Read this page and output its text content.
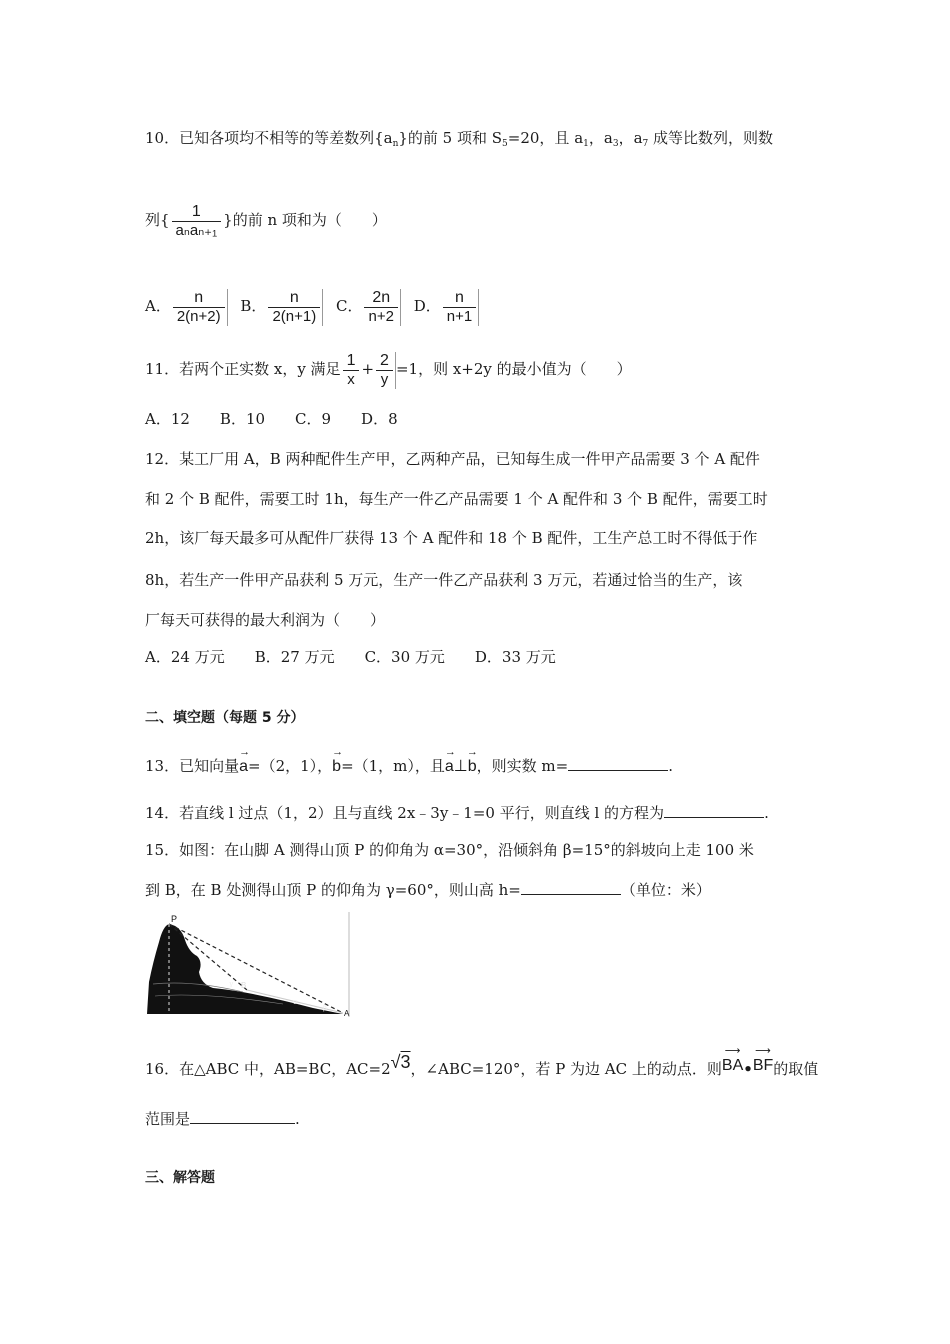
10．已知各项均不相等的等差数列$\{a_n\}$的前 5 项和 $S_5=20$，且 $a_1$，$a_3$，$a_7$ 成等比数列，则数
列{ $\frac{1}{\text{aₙaₙ₊₁}}$ }的前 n 项和为（　　）
A． $\frac{n}{2(n+2)}$ B． $\frac{n}{2(n+1)}$ C． $\frac{2n}{n+2}$ D． $\frac{n}{n+1}$
11．若两个正实数 x，y 满足 $\frac{1}{x} + \frac{2}{y} =1$，则 x+2y 的最小值为（　　）
A．12　　B．10　　C．9　　D．8
12．某工厂用 A，B 两种配件生产甲，乙两种产品，已知每生成一件甲产品需要 3 个 A 配件
和 2 个 B 配件，需要工时 1h，每生产一件乙产品需要 1 个 A 配件和 3 个 B 配件，需要工时
2h，该厂每天最多可从配件厂获得 13 个 A 配件和 18 个 B 配件，工生产总工时不得低于作
8h，若生产一件甲产品获利 5 万元，生产一件乙产品获利 3 万元，若通过恰当的生产，该
厂每天可获得的最大利润为（　　）
A．24 万元　　B．27 万元　　C．30 万元　　D．33 万元
二、填空题（每题 5 分）
13．已知向量
→
a=（2，1），
→
b=（1，m），且
→　→
a⊥b，则实数 m=	.
14．若直线 l 过点（1，2）且与直线 2x﹣3y﹣1=0 平行，则直线 l 的方程为	.
15．如图：在山脚 A 测得山顶 P 的仰角为 α=30°，沿倾斜角 β=15°的斜坡向上走 100 米
到 B，在 B 处测得山顶 P 的仰角为 γ=60°，则山高 h=	（单位：米）
P
B
A
γ
α
β
16．在△ABC 中，AB=BC，AC=2√3，∠ABC=120°，若 P 为边 AC 上的动点．则
⟶
BA•
⟶
BF的取值
范围是	.
三、解答题
